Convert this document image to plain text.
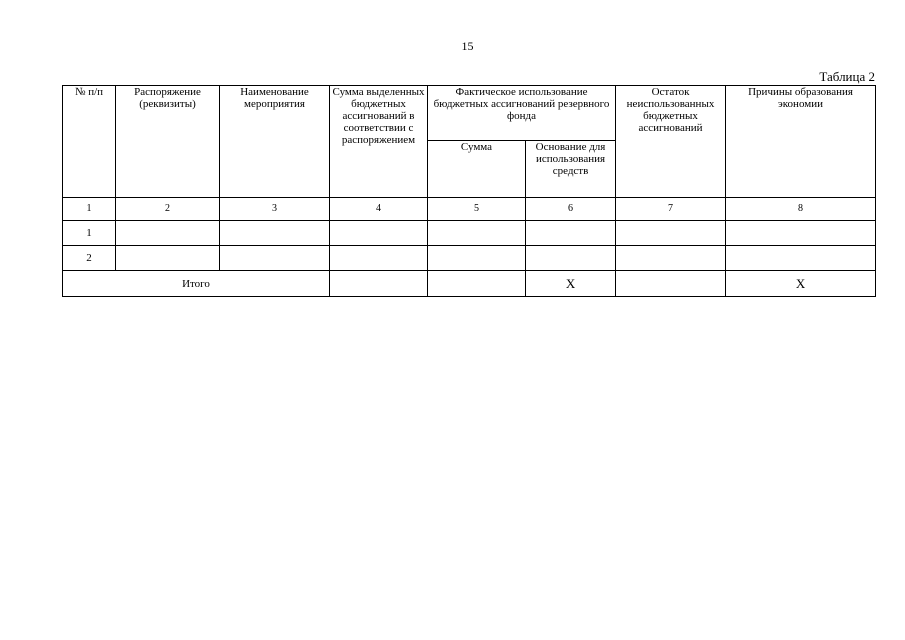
15
Таблица 2
№ п/п	Распоряжение (реквизиты)	Наименование мероприятия	Сумма выделенных бюджетных ассигнований в соответствии с распоряжением	Фактическое использование бюджетных ассигнований резервного фонда		Остаток неиспользованных бюджетных ассигнований	Причины образования экономии
				Сумма	Основание для использования средств		
1	2	3	4	5	6	7	8
1							
2							
Итого					X		X
